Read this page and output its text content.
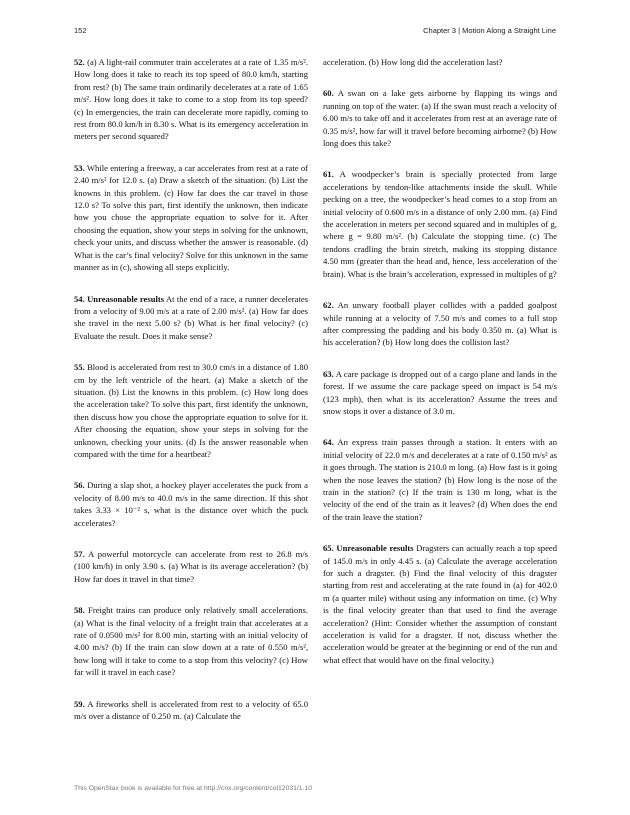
152	Chapter 3 | Motion Along a Straight Line

52. (a) A light-rail commuter train accelerates at a rate of 1.35 m/s². How long does it take to reach its top speed of 80.0 km/h, starting from rest? (b) The same train ordinarily decelerates at a rate of 1.65 m/s². How long does it take to come to a stop from its top speed? (c) In emergencies, the train can decelerate more rapidly, coming to rest from 80.0 km/h in 8.30 s. What is its emergency acceleration in meters per second squared?

53. While entering a freeway, a car accelerates from rest at a rate of 2.40 m/s² for 12.0 s. (a) Draw a sketch of the situation. (b) List the knowns in this problem. (c) How far does the car travel in those 12.0 s? To solve this part, first identify the unknown, then indicate how you chose the appropriate equation to solve for it. After choosing the equation, show your steps in solving for the unknown, check your units, and discuss whether the answer is reasonable. (d) What is the car’s final velocity? Solve for this unknown in the same manner as in (c), showing all steps explicitly.

54. Unreasonable results At the end of a race, a runner decelerates from a velocity of 9.00 m/s at a rate of 2.00 m/s². (a) How far does she travel in the next 5.00 s? (b) What is her final velocity? (c) Evaluate the result. Does it make sense?

55. Blood is accelerated from rest to 30.0 cm/s in a distance of 1.80 cm by the left ventricle of the heart. (a) Make a sketch of the situation. (b) List the knowns in this problem. (c) How long does the acceleration take? To solve this part, first identify the unknown, then discuss how you chose the appropriate equation to solve for it. After choosing the equation, show your steps in solving for the unknown, checking your units. (d) Is the answer reasonable when compared with the time for a heartbeat?

56. During a slap shot, a hockey player accelerates the puck from a velocity of 8.00 m/s to 40.0 m/s in the same direction. If this shot takes 3.33 × 10⁻² s, what is the distance over which the puck accelerates?

57. A powerful motorcycle can accelerate from rest to 26.8 m/s (100 km/h) in only 3.90 s. (a) What is its average acceleration? (b) How far does it travel in that time?

58. Freight trains can produce only relatively small accelerations. (a) What is the final velocity of a freight train that accelerates at a rate of 0.0500 m/s² for 8.00 min, starting with an initial velocity of 4.00 m/s? (b) If the train can slow down at a rate of 0.550 m/s², how long will it take to come to a stop from this velocity? (c) How far will it travel in each case?

59. A fireworks shell is accelerated from rest to a velocity of 65.0 m/s over a distance of 0.250 m. (a) Calculate the

acceleration. (b) How long did the acceleration last?

60. A swan on a lake gets airborne by flapping its wings and running on top of the water. (a) If the swan must reach a velocity of 6.00 m/s to take off and it accelerates from rest at an average rate of 0.35 m/s², how far will it travel before becoming airborne? (b) How long does this take?

61. A woodpecker’s brain is specially protected from large accelerations by tendon-like attachments inside the skull. While pecking on a tree, the woodpecker’s head comes to a stop from an initial velocity of 0.600 m/s in a distance of only 2.00 mm. (a) Find the acceleration in meters per second squared and in multiples of g, where g = 9.80 m/s². (b) Calculate the stopping time. (c) The tendons cradling the brain stretch, making its stopping distance 4.50 mm (greater than the head and, hence, less acceleration of the brain). What is the brain’s acceleration, expressed in multiples of g?

62. An unwary football player collides with a padded goalpost while running at a velocity of 7.50 m/s and comes to a full stop after compressing the padding and his body 0.350 m. (a) What is his acceleration? (b) How long does the collision last?

63. A care package is dropped out of a cargo plane and lands in the forest. If we assume the care package speed on impact is 54 m/s (123 mph), then what is its acceleration? Assume the trees and snow stops it over a distance of 3.0 m.

64. An express train passes through a station. It enters with an initial velocity of 22.0 m/s and decelerates at a rate of 0.150 m/s² as it goes through. The station is 210.0 m long. (a) How fast is it going when the nose leaves the station? (b) How long is the nose of the train in the station? (c) If the train is 130 m long, what is the velocity of the end of the train as it leaves? (d) When does the end of the train leave the station?

65. Unreasonable results Dragsters can actually reach a top speed of 145.0 m/s in only 4.45 s. (a) Calculate the average acceleration for such a dragster. (b) Find the final velocity of this dragster starting from rest and accelerating at the rate found in (a) for 402.0 m (a quarter mile) without using any information on time. (c) Why is the final velocity greater than that used to find the average acceleration? (Hint: Consider whether the assumption of constant acceleration is valid for a dragster. If not, discuss whether the acceleration would be greater at the beginning or end of the run and what effect that would have on the final velocity.)

This OpenStax book is available for free at http://cnx.org/content/col12031/1.10
